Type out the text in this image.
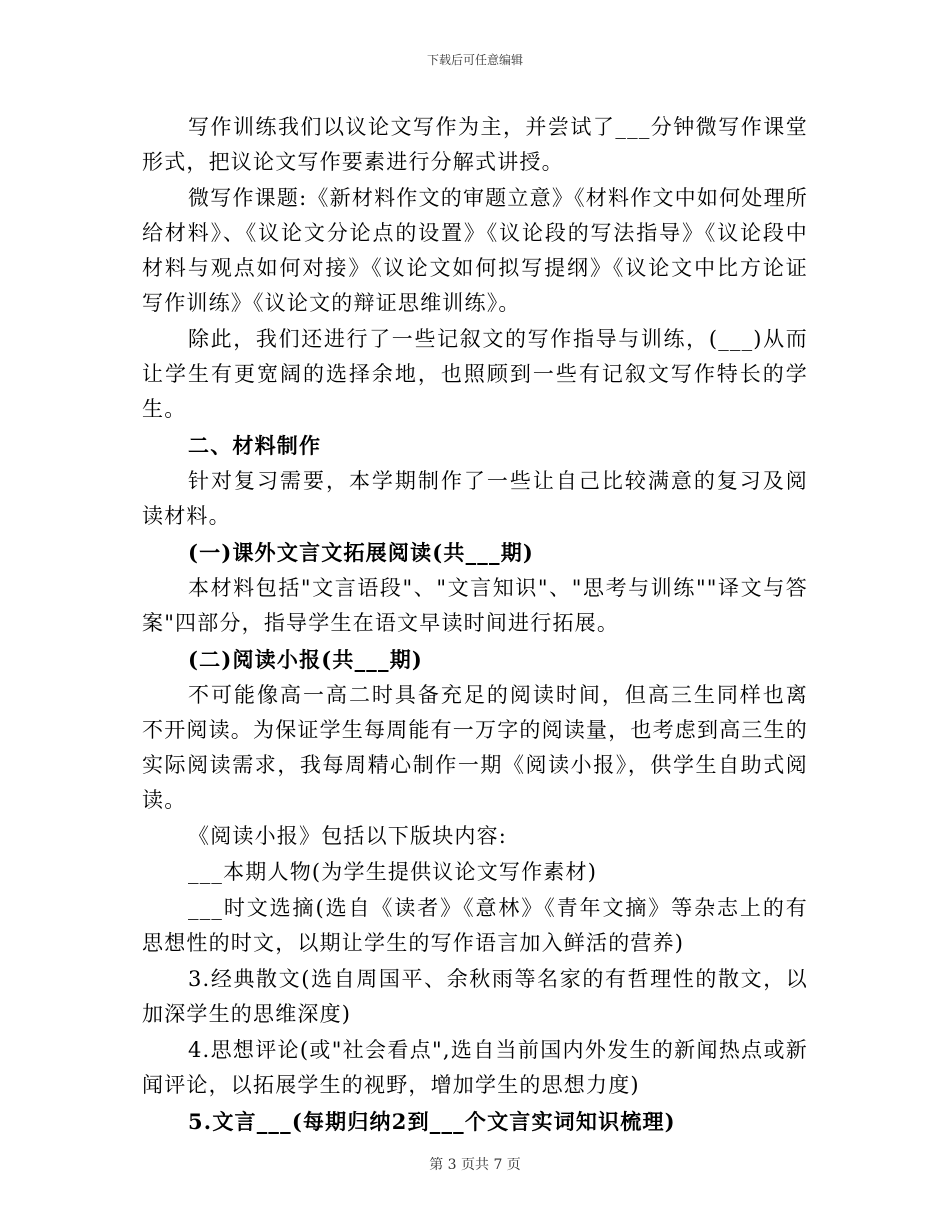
下载后可任意编辑

写作训练我们以议论文写作为主，并尝试了___分钟微写作课堂形式，把议论文写作要素进行分解式讲授。

微写作课题:《新材料作文的审题立意》《材料作文中如何处理所给材料》、《议论文分论点的设置》《议论段的写法指导》《议论段中材料与观点如何对接》《议论文如何拟写提纲》《议论文中比方论证写作训练》《议论文的辩证思维训练》。

除此，我们还进行了一些记叙文的写作指导与训练，(___)从而让学生有更宽阔的选择余地，也照顾到一些有记叙文写作特长的学生。

二、材料制作

针对复习需要，本学期制作了一些让自己比较满意的复习及阅读材料。

(一)课外文言文拓展阅读(共___期)

本材料包括"文言语段"、"文言知识"、"思考与训练""译文与答案"四部分，指导学生在语文早读时间进行拓展。

(二)阅读小报(共___期)

不可能像高一高二时具备充足的阅读时间，但高三生同样也离不开阅读。为保证学生每周能有一万字的阅读量，也考虑到高三生的实际阅读需求，我每周精心制作一期《阅读小报》，供学生自助式阅读。

《阅读小报》包括以下版块内容:

___本期人物(为学生提供议论文写作素材)

___时文选摘(选自《读者》《意林》《青年文摘》等杂志上的有思想性的时文，以期让学生的写作语言加入鲜活的营养)

3.经典散文(选自周国平、余秋雨等名家的有哲理性的散文，以加深学生的思维深度)

4.思想评论(或"社会看点",选自当前国内外发生的新闻热点或新闻评论，以拓展学生的视野，增加学生的思想力度)

5.文言___(每期归纳2到___个文言实词知识梳理)

第 3 页共 7 页
